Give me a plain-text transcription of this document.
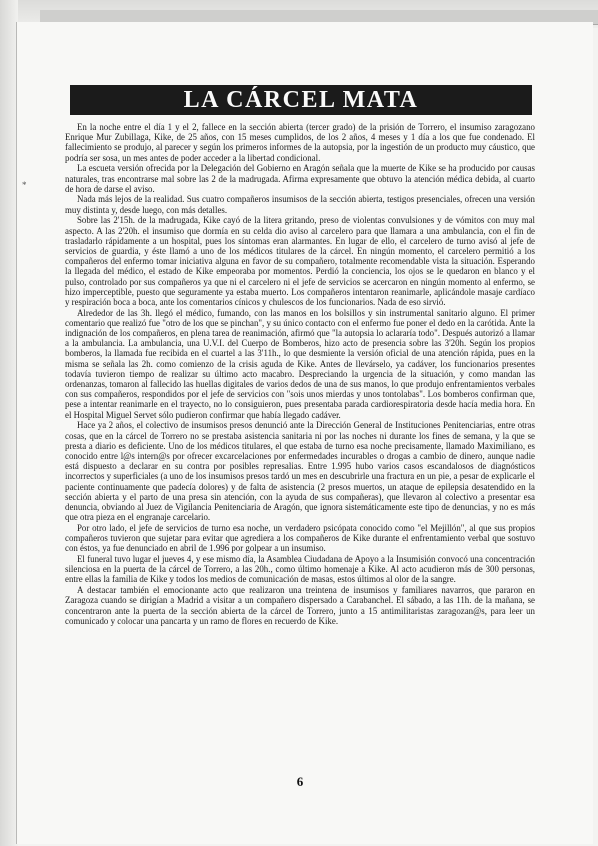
*
LA CÁRCEL MATA

En la noche entre el día 1 y el 2, fallece en la sección abierta (tercer grado) de la prisión de Torrero, el insumiso zaragozano Enrique Mur Zubillaga, Kike, de 25 años, con 15 meses cumplidos, de los 2 años, 4 meses y 1 día a los que fue condenado. El fallecimiento se produjo, al parecer y según los primeros informes de la autopsia, por la ingestión de un producto muy cáustico, que podría ser sosa, un mes antes de poder acceder a la libertad condicional.

La escueta versión ofrecida por la Delegación del Gobierno en Aragón señala que la muerte de Kike se ha producido por causas naturales, tras encontrarse mal sobre las 2 de la madrugada. Afirma expresamente que obtuvo la atención médica debida, al cuarto de hora de darse el aviso.

Nada más lejos de la realidad. Sus cuatro compañeros insumisos de la sección abierta, testigos presenciales, ofrecen una versión muy distinta y, desde luego, con más detalles.

Sobre las 2'15h. de la madrugada, Kike cayó de la litera gritando, preso de violentas convulsiones y de vómitos con muy mal aspecto. A las 2'20h. el insumiso que dormía en su celda dio aviso al carcelero para que llamara a una ambulancia, con el fin de trasladarlo rápidamente a un hospital, pues los síntomas eran alarmantes. En lugar de ello, el carcelero de turno avisó al jefe de servicios de guardia, y éste llamó a uno de los médicos titulares de la cárcel. En ningún momento, el carcelero permitió a los compañeros del enfermo tomar iniciativa alguna en favor de su compañero, totalmente recomendable vista la situación. Esperando la llegada del médico, el estado de Kike empeoraba por momentos. Perdió la conciencia, los ojos se le quedaron en blanco y el pulso, controlado por sus compañeros ya que ni el carcelero ni el jefe de servicios se acercaron en ningún momento al enfermo, se hizo imperceptible, puesto que seguramente ya estaba muerto. Los compañeros intentaron reanimarle, aplicándole masaje cardíaco y respiración boca a boca, ante los comentarios cínicos y chulescos de los funcionarios. Nada de eso sirvió.

Alrededor de las 3h. llegó el médico, fumando, con las manos en los bolsillos y sin instrumental sanitario alguno. El primer comentario que realizó fue "otro de los que se pinchan", y su único contacto con el enfermo fue poner el dedo en la carótida. Ante la indignación de los compañeros, en plena tarea de reanimación, afirmó que "la autopsia lo aclararía todo". Después autorizó a llamar a la ambulancia. La ambulancia, una U.V.I. del Cuerpo de Bomberos, hizo acto de presencia sobre las 3'20h. Según los propios bomberos, la llamada fue recibida en el cuartel a las 3'11h., lo que desmiente la versión oficial de una atención rápida, pues en la misma se señala las 2h. como comienzo de la crisis aguda de Kike. Antes de llevárselo, ya cadáver, los funcionarios presentes todavía tuvieron tiempo de realizar su último acto macabro. Despreciando la urgencia de la situación, y como mandan las ordenanzas, tomaron al fallecido las huellas digitales de varios dedos de una de sus manos, lo que produjo enfrentamientos verbales con sus compañeros, respondidos por el jefe de servicios con "sois unos mierdas y unos tontolabas". Los bomberos confirman que, pese a intentar reanimarle en el trayecto, no lo consiguieron, pues presentaba parada cardiorespiratoria desde hacía media hora. En el Hospital Miguel Servet sólo pudieron confirmar que había llegado cadáver.

Hace ya 2 años, el colectivo de insumisos presos denunció ante la Dirección General de Instituciones Penitenciarias, entre otras cosas, que en la cárcel de Torrero no se prestaba asistencia sanitaria ni por las noches ni durante los fines de semana, y la que se presta a diario es deficiente. Uno de los médicos titulares, el que estaba de turno esa noche precisamente, llamado Maximiliano, es conocido entre l@s intern@s por ofrecer excarcelaciones por enfermedades incurables o drogas a cambio de dinero, aunque nadie está dispuesto a declarar en su contra por posibles represalias. Entre 1.995 hubo varios casos escandalosos de diagnósticos incorrectos y superficiales (a uno de los insumisos presos tardó un mes en descubrirle una fractura en un pie, a pesar de explicarle el paciente continuamente que padecía dolores) y de falta de asistencia (2 presos muertos, un ataque de epilepsia desatendido en la sección abierta y el parto de una presa sin atención, con la ayuda de sus compañeras), que llevaron al colectivo a presentar esa denuncia, obviando al Juez de Vigilancia Penitenciaria de Aragón, que ignora sistemáticamente este tipo de denuncias, y no es más que otra pieza en el engranaje carcelario.

Por otro lado, el jefe de servicios de turno esa noche, un verdadero psicópata conocido como "el Mejillón", al que sus propios compañeros tuvieron que sujetar para evitar que agrediera a los compañeros de Kike durante el enfrentamiento verbal que sostuvo con éstos, ya fue denunciado en abril de 1.996 por golpear a un insumiso.

El funeral tuvo lugar el jueves 4, y ese mismo día, la Asamblea Ciudadana de Apoyo a la Insumisión convocó una concentración silenciosa en la puerta de la cárcel de Torrero, a las 20h., como último homenaje a Kike. Al acto acudieron más de 300 personas, entre ellas la familia de Kike y todos los medios de comunicación de masas, estos últimos al olor de la sangre.

A destacar también el emocionante acto que realizaron una treintena de insumisos y familiares navarros, que pararon en Zaragoza cuando se dirigían a Madrid a visitar a un compañero dispersado a Carabanchel. El sábado, a las 11h. de la mañana, se concentraron ante la puerta de la sección abierta de la cárcel de Torrero, junto a 15 antimilitaristas zaragozan@s, para leer un comunicado y colocar una pancarta y un ramo de flores en recuerdo de Kike.

6
